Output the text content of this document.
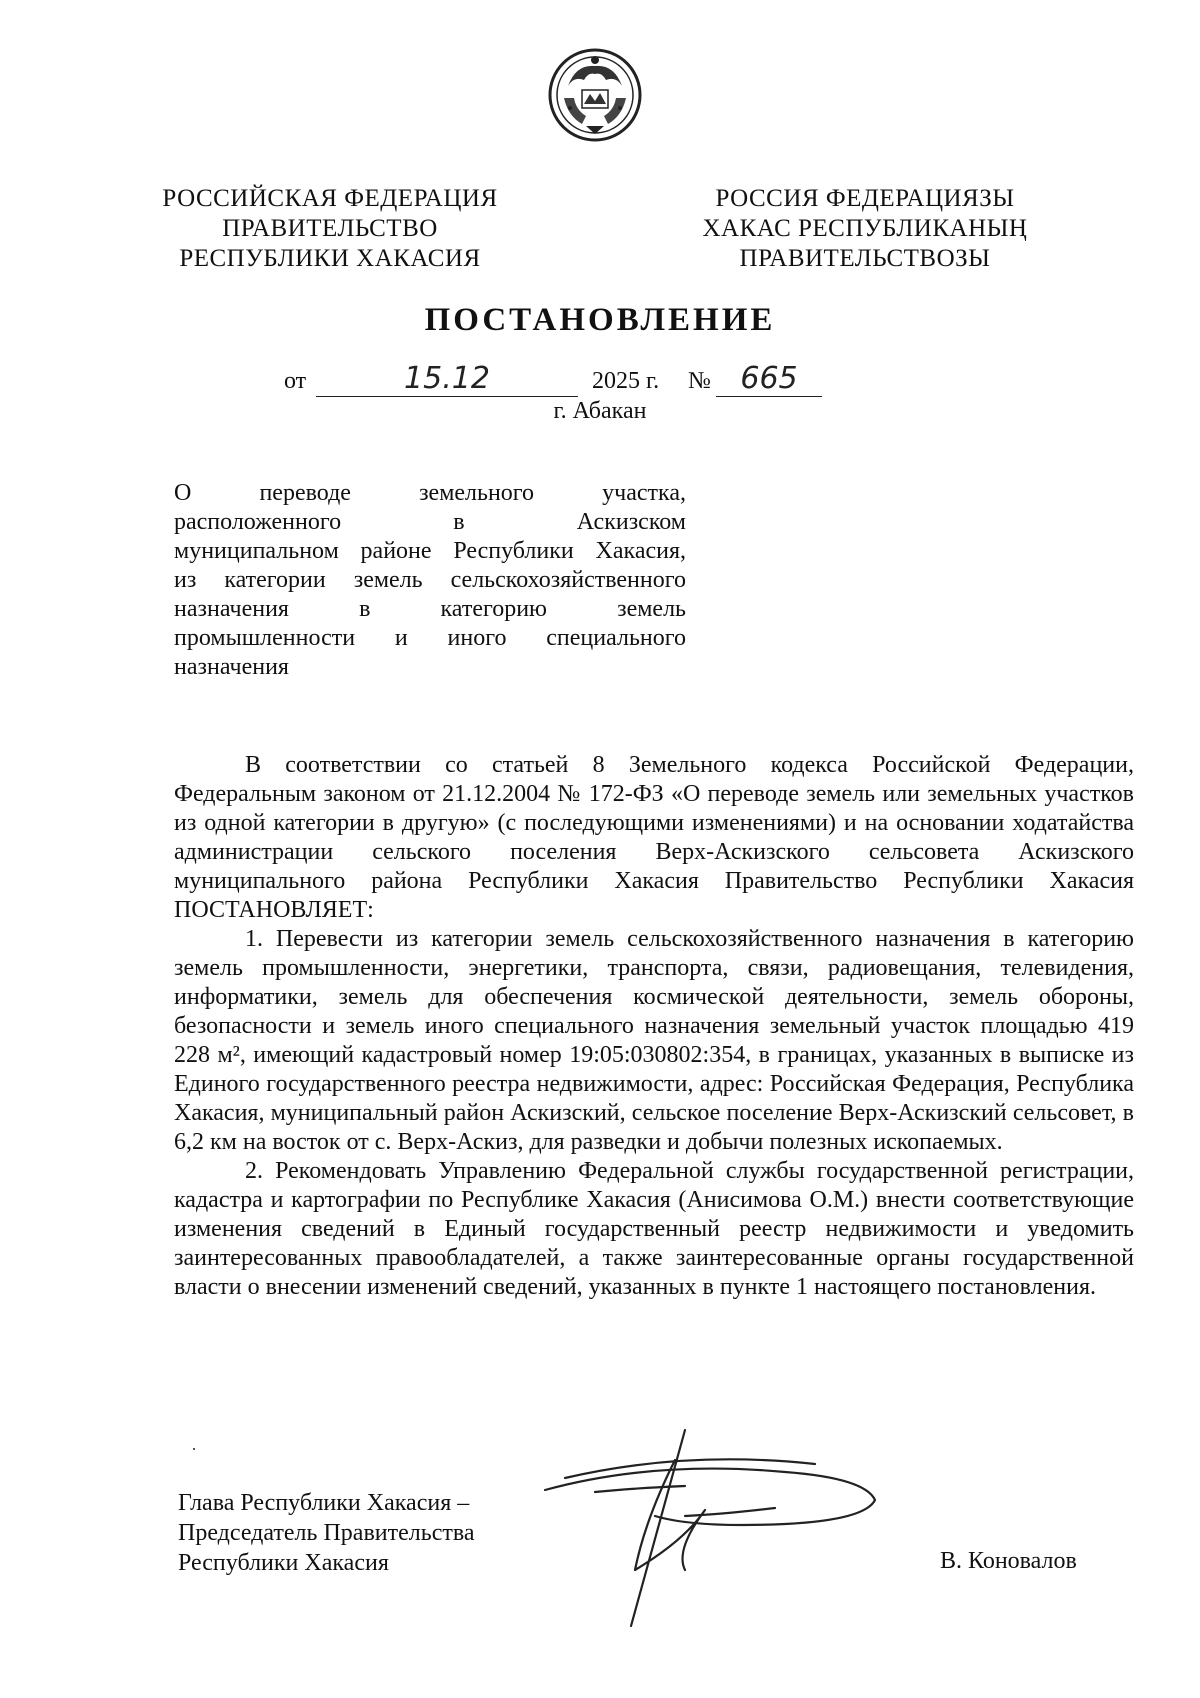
РОССИЙСКАЯ ФЕДЕРАЦИЯ
ПРАВИТЕЛЬСТВО
РЕСПУБЛИКИ ХАКАСИЯ
РОССИЯ ФЕДЕРАЦИЯЗЫ
ХАКАС РЕСПУБЛИКАНЫҢ
ПРАВИТЕЛЬСТВОЗЫ
ПОСТАНОВЛЕНИЕ
от	15.12	2025 г. № 665
г. Абакан
О переводе земельного участка,
расположенного в Аскизском
муниципальном районе Республики Хакасия,
из категории земель сельскохозяйственного
назначения в категорию земель
промышленности и иного специального
назначения

В соответствии со статьей 8 Земельного кодекса Российской Федерации, Федеральным законом от 21.12.2004 № 172-ФЗ «О переводе земель или земельных участков из одной категории в другую» (с последующими изменениями) и на основании ходатайства администрации сельского поселения Верх-Аскизского сельсовета Аскизского муниципального района Республики Хакасия Правительство Республики Хакасия ПОСТАНОВЛЯЕТ:

1. Перевести из категории земель сельскохозяйственного назначения в категорию земель промышленности, энергетики, транспорта, связи, радиовещания, телевидения, информатики, земель для обеспечения космической деятельности, земель обороны, безопасности и земель иного специального назначения земельный участок площадью 419 228 м², имеющий кадастровый номер 19:05:030802:354, в границах, указанных в выписке из Единого государственного реестра недвижимости, адрес: Российская Федерация, Республика Хакасия, муниципальный район Аскизский, сельское поселение Верх-Аскизский сельсовет, в 6,2 км на восток от с. Верх-Аскиз, для разведки и добычи полезных ископаемых.

2. Рекомендовать Управлению Федеральной службы государственной регистрации, кадастра и картографии по Республике Хакасия (Анисимова О.М.) внести соответствующие изменения сведений в Единый государственный реестр недвижимости и уведомить заинтересованных правообладателей, а также заинтересованные органы государственной власти о внесении изменений сведений, указанных в пункте 1 настоящего постановления.

Глава Республики Хакасия –
Председатель Правительства
Республики Хакасия	В. Коновалов
